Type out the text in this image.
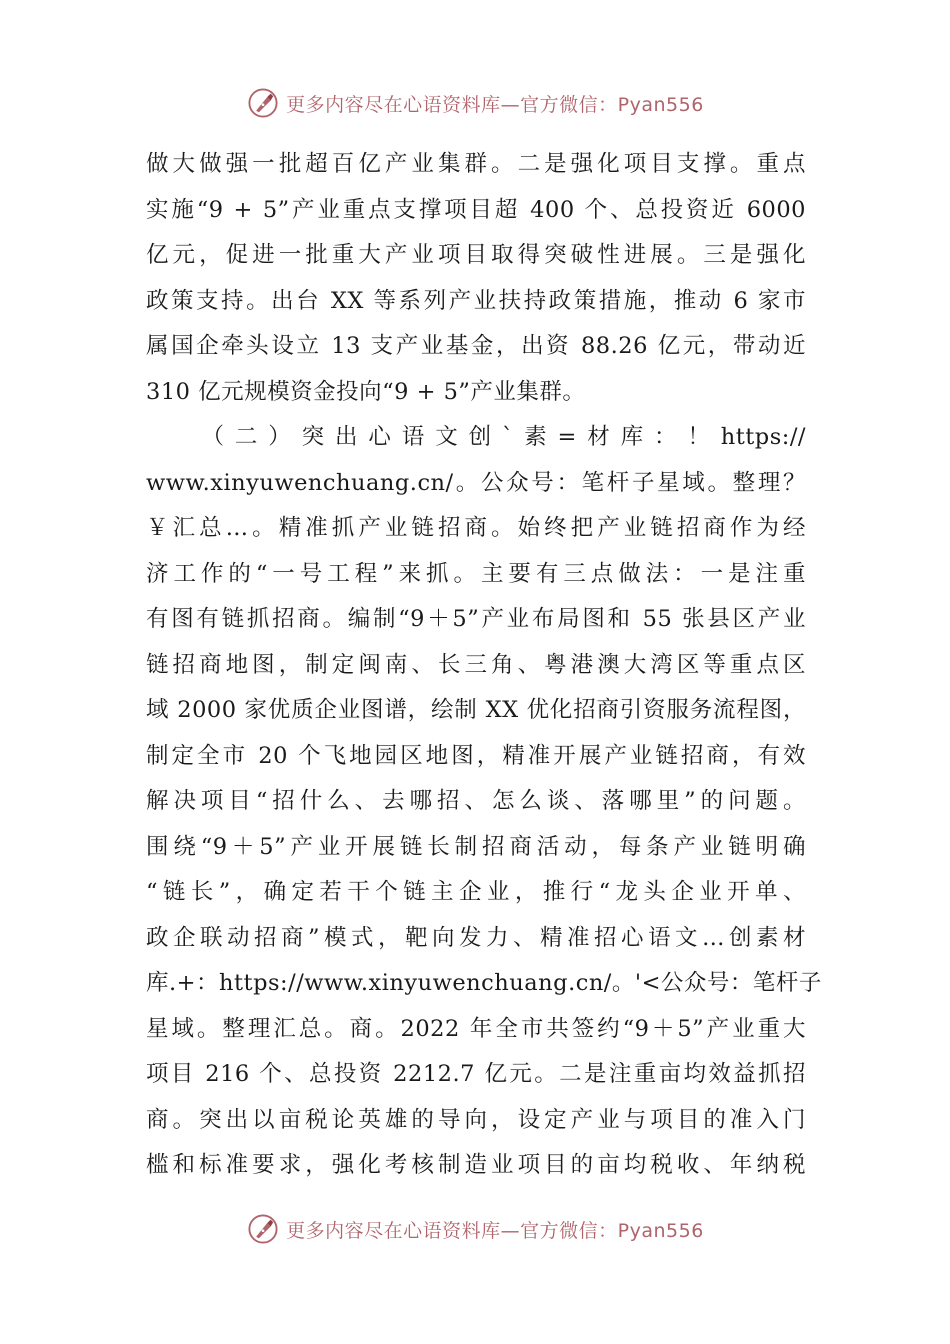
更多内容尽在心语资料库—官方微信：Pyan556
做大做强一批超百亿产业集群。二是强化项目支撑。重点
实施“9 + 5”产业重点支撑项目超 400 个、总投资近 6000
亿元，促进一批重大产业项目取得突破性进展。三是强化
政策支持。出台 XX 等系列产业扶持政策措施，推动 6 家市
属国企牵头设立 13 支产业基金，出资 88.26 亿元，带动近
310 亿元规模资金投向“9 + 5”产业集群。
　　（二）突出心语文创`素=材库：！https://
www.xinyuwenchuang.cn/。公众号：笔杆子星域。整理？
￥汇总…。精准抓产业链招商。始终把产业链招商作为经
济工作的“一号工程”来抓。主要有三点做法：一是注重
有图有链抓招商。编制“9＋5”产业布局图和 55 张县区产业
链招商地图，制定闽南、长三角、粤港澳大湾区等重点区
域 2000 家优质企业图谱，绘制 XX 优化招商引资服务流程图，
制定全市 20 个飞地园区地图，精准开展产业链招商，有效
解决项目“招什么、去哪招、怎么谈、落哪里”的问题。
围绕“9＋5”产业开展链长制招商活动，每条产业链明确
“链长”，确定若干个链主企业，推行“龙头企业开单、
政企联动招商”模式，靶向发力、精准招心语文…创素材
库.+：https://www.xinyuwenchuang.cn/。'<公众号：笔杆子
星域。整理汇总。商。2022 年全市共签约“9＋5”产业重大
项目 216 个、总投资 2212.7 亿元。二是注重亩均效益抓招
商。突出以亩税论英雄的导向，设定产业与项目的准入门
槛和标准要求，强化考核制造业项目的亩均税收、年纳税
更多内容尽在心语资料库—官方微信：Pyan556
